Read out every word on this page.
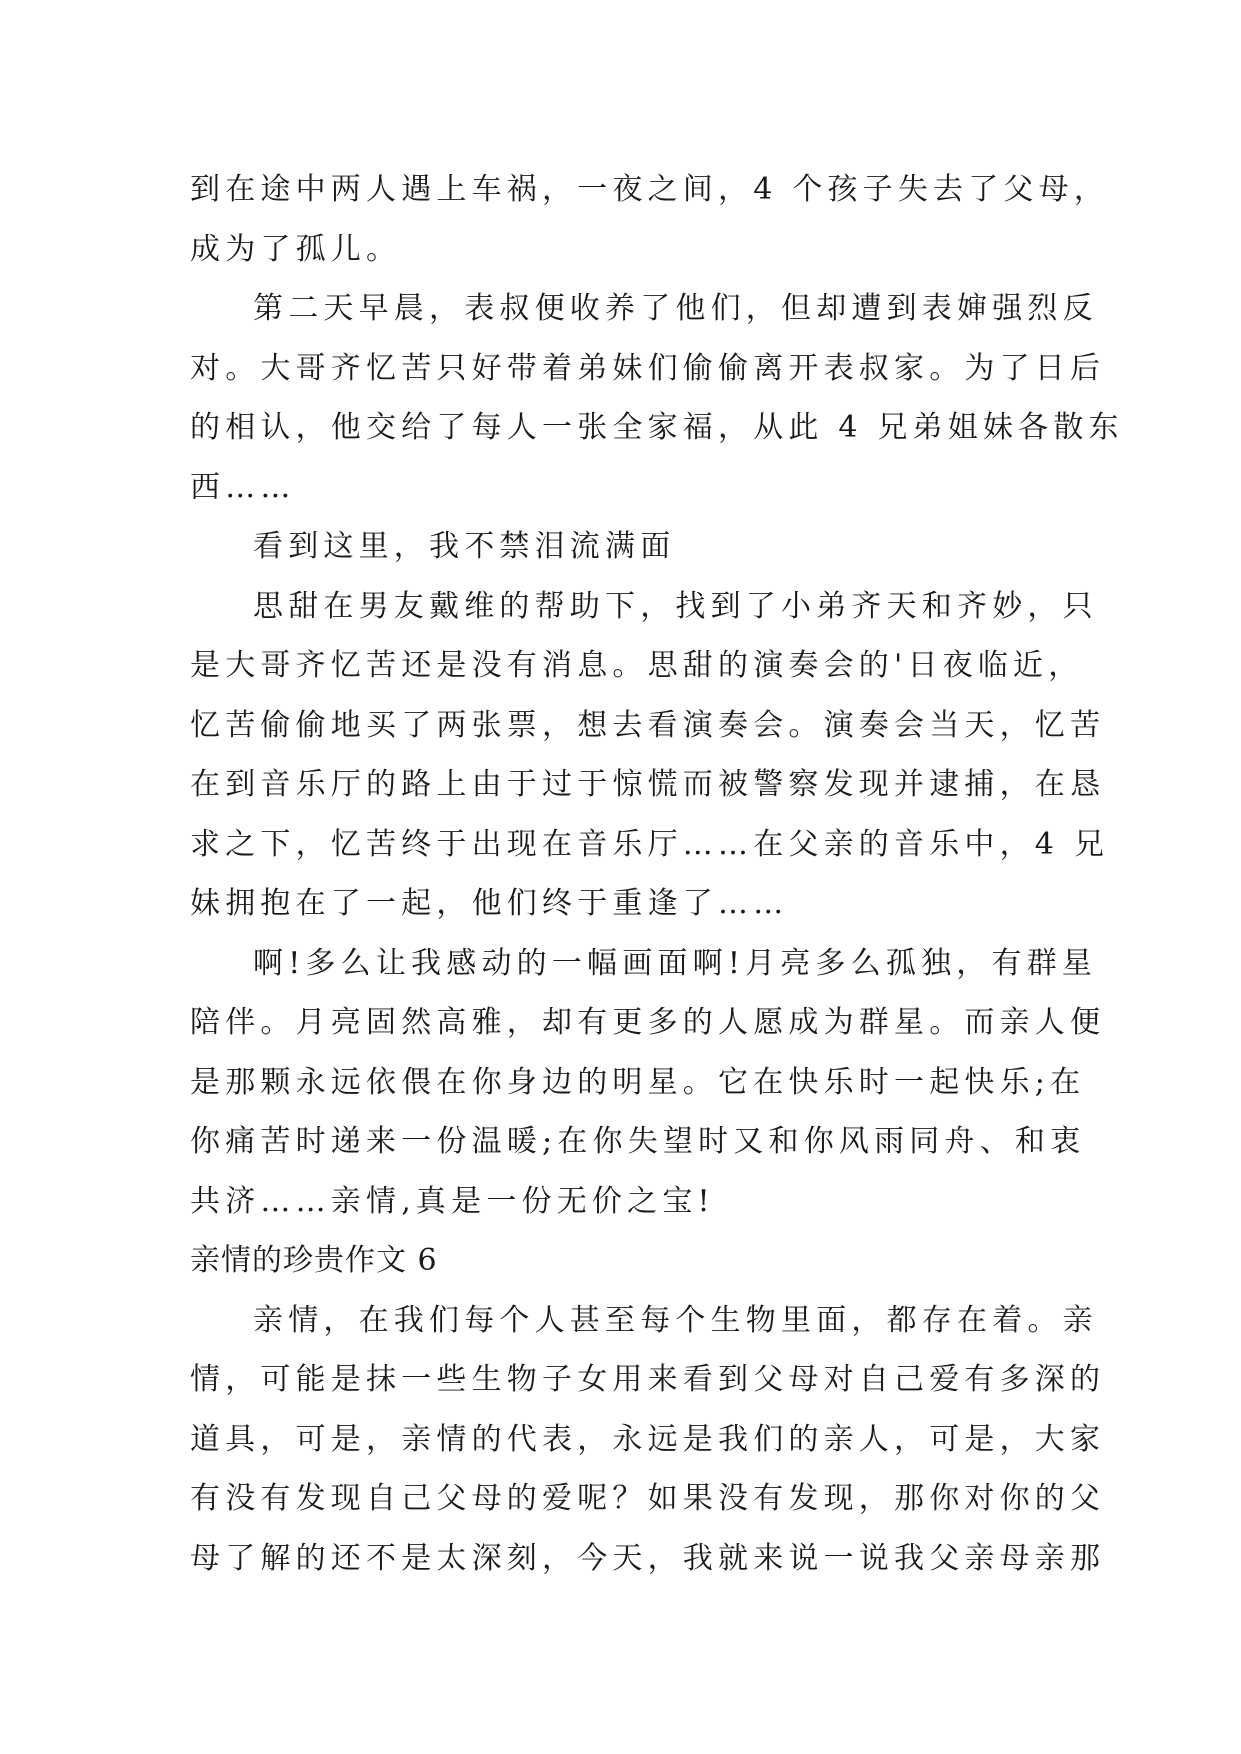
到在途中两人遇上车祸，一夜之间，4 个孩子失去了父母，
成为了孤儿。
第二天早晨，表叔便收养了他们，但却遭到表婶强烈反
对。大哥齐忆苦只好带着弟妹们偷偷离开表叔家。为了日后
的相认，他交给了每人一张全家福，从此 4 兄弟姐妹各散东
西……
看到这里，我不禁泪流满面
思甜在男友戴维的帮助下，找到了小弟齐天和齐妙，只
是大哥齐忆苦还是没有消息。思甜的演奏会的'日夜临近，
忆苦偷偷地买了两张票，想去看演奏会。演奏会当天，忆苦
在到音乐厅的路上由于过于惊慌而被警察发现并逮捕，在恳
求之下，忆苦终于出现在音乐厅……在父亲的音乐中，4 兄
妹拥抱在了一起，他们终于重逢了……
啊!多么让我感动的一幅画面啊!月亮多么孤独，有群星
陪伴。月亮固然高雅，却有更多的人愿成为群星。而亲人便
是那颗永远依偎在你身边的明星。它在快乐时一起快乐;在
你痛苦时递来一份温暖;在你失望时又和你风雨同舟、和衷
共济……亲情,真是一份无价之宝!
亲情的珍贵作文 6
亲情，在我们每个人甚至每个生物里面，都存在着。亲
情，可能是抹一些生物子女用来看到父母对自己爱有多深的
道具，可是，亲情的代表，永远是我们的亲人，可是，大家
有没有发现自己父母的爱呢？如果没有发现，那你对你的父
母了解的还不是太深刻，今天，我就来说一说我父亲母亲那
